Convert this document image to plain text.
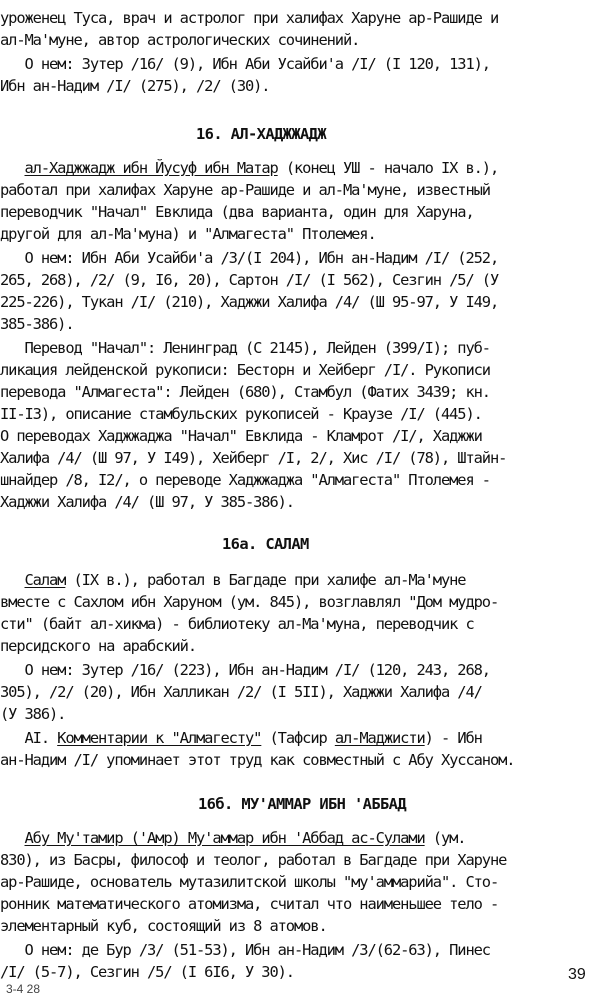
уроженец Туса, врач и астролог при халифах Харуне ар-Рашиде и

ал-Ма'муне, автор астрологических сочинений.

О нем: Зутер /16/ (9), Ибн Аби Усайби'а /I/ (I 120, 131),

Ибн ан-Надим /I/ (275), /2/ (30).

16. АЛ-ХАДЖЖАДЖ

ал-Хаджжадж ибн Йусуф ибн Матар (конец УШ - начало IX в.),

работал при халифах Харуне ар-Рашиде и ал-Ма'муне, известный

переводчик "Начал" Евклида (два варианта, один для Харуна,

другой для ал-Ма'муна) и "Алмагеста" Птолемея.

О нем: Ибн Аби Усайби'а /3/(I 204), Ибн ан-Надим /I/ (252,

265, 268), /2/ (9, I6, 20), Сартон /I/ (I 562), Сезгин /5/ (У

225-226), Тукан /I/ (210), Хаджжи Халифа /4/ (Ш 95-97, У I49,

385-386).

Перевод "Начал": Ленинград (С 2145), Лейден (399/I); пуб-

ликация лейденской рукописи: Бесторн и Хейберг /I/. Рукописи

перевода "Алмагеста": Лейден (680), Стамбул (Фатих 3439; кн.

II-I3), описание стамбульских рукописей - Краузе /I/ (445).

О переводах Хаджжаджа "Начал" Евклида - Кламрот /I/, Хаджжи

Халифа /4/ (Ш 97, У I49), Хейберг /I, 2/, Хис /I/ (78), Штайн-

шнайдер /8, I2/, о переводе Хаджжаджа "Алмагеста" Птолемея -

Хаджжи Халифа /4/ (Ш 97, У 385-386).

16а. САЛАМ

Салам (IX в.), работал в Багдаде при халифе ал-Ма'муне

вместе с Сахлом ибн Харуном (ум. 845), возглавлял "Дом мудро-

сти" (байт ал-хикма) - библиотеку ал-Ма'муна, переводчик с

персидского на арабский.

О нем: Зутер /16/ (223), Ибн ан-Надим /I/ (120, 243, 268,

305), /2/ (20), Ибн Халликан /2/ (I 5II), Хаджжи Халифа /4/

(У 386).

AI. Комментарии к "Алмагесту" (Тафсир ал-Маджисти) - Ибн

ан-Надим /I/ упоминает этот труд как совместный с Абу Хуссаном.

16б. МУ'АММАР ИБН 'АББАД

Абу Му'тамир ('Амр) Му'аммар ибн 'Аббад ас-Сулами (ум.

830), из Басры, философ и теолог, работал в Багдаде при Харуне

ар-Рашиде, основатель мутазилитской школы "му'аммарийа". Сто-

ронник математического атомизма, считал что наименьшее тело -

элементарный куб, состоящий из 8 атомов.

О нем: де Бур /3/ (51-53), Ибн ан-Надим /3/(62-63), Пинес

/I/ (5-7), Сезгин /5/ (I 6I6, У 30).	39
3-4 28
